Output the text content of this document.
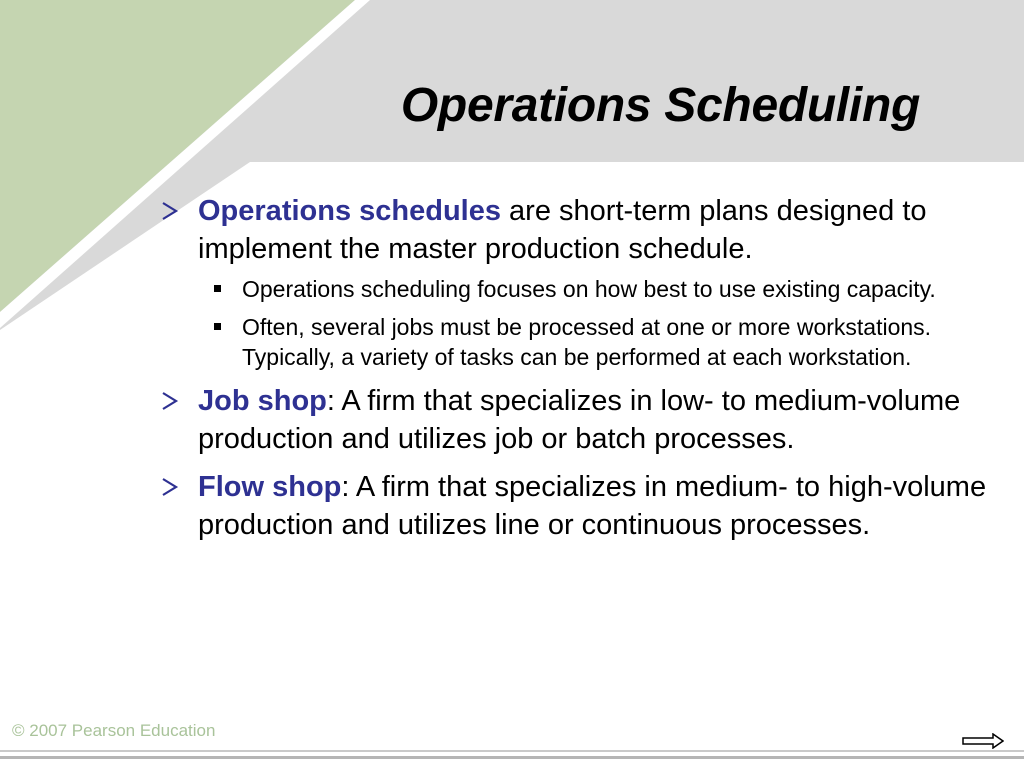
Operations Scheduling
Operations schedules are short-term plans designed to implement the master production schedule.
Operations scheduling focuses on how best to use existing capacity.
Often, several jobs must be processed at one or more workstations. Typically, a variety of tasks can be performed at each workstation.
Job shop: A firm that specializes in low- to medium-volume production and utilizes job or batch processes.
Flow shop: A firm that specializes in medium- to high-volume production and utilizes line or continuous processes.
© 2007 Pearson Education
